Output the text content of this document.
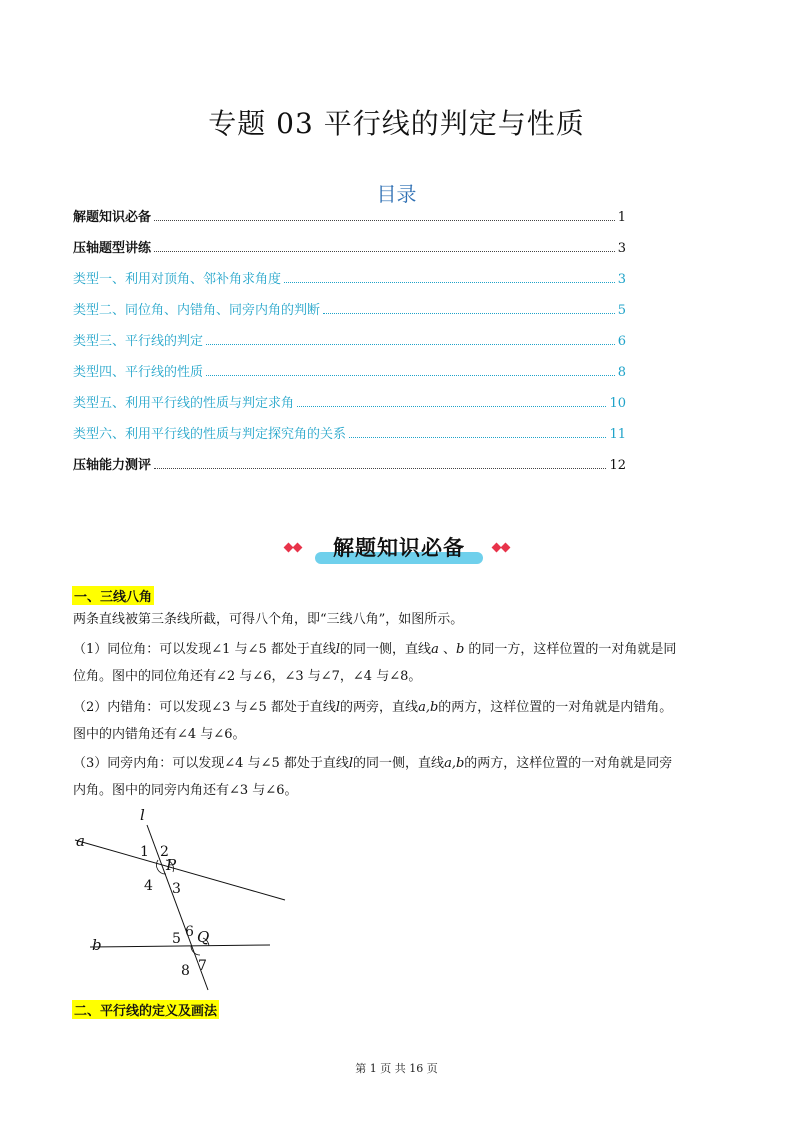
专题 03 平行线的判定与性质
目录
解题知识必备	1
压轴题型讲练	3
类型一、利用对顶角、邻补角求角度	3
类型二、同位角、内错角、同旁内角的判断	5
类型三、平行线的判定	6
类型四、平行线的性质	8
类型五、利用平行线的性质与判定求角	10
类型六、利用平行线的性质与判定探究角的关系	11
压轴能力测评	12
解题知识必备
一、三线八角
两条直线被第三条线所截，可得八个角，即“三线八角”，如图所示。
（1）同位角：可以发现∠1 与∠5 都处于直线l的同一侧，直线a 、b 的同一方，这样位置的一对角就是同
位角。图中的同位角还有∠2 与∠6，∠3 与∠7，∠4 与∠8。
（2）内错角：可以发现∠3 与∠5 都处于直线l的两旁，直线a,b的两方，这样位置的一对角就是内错角。
图中的内错角还有∠4 与∠6。
（3）同旁内角：可以发现∠4 与∠5 都处于直线l的同一侧，直线a,b的两方，这样位置的一对角就是同旁
内角。图中的同旁内角还有∠3 与∠6。
l
a
b
P
Q
1 2
3
4
5 6
7
8
二、平行线的定义及画法
第 1 页 共 16 页
